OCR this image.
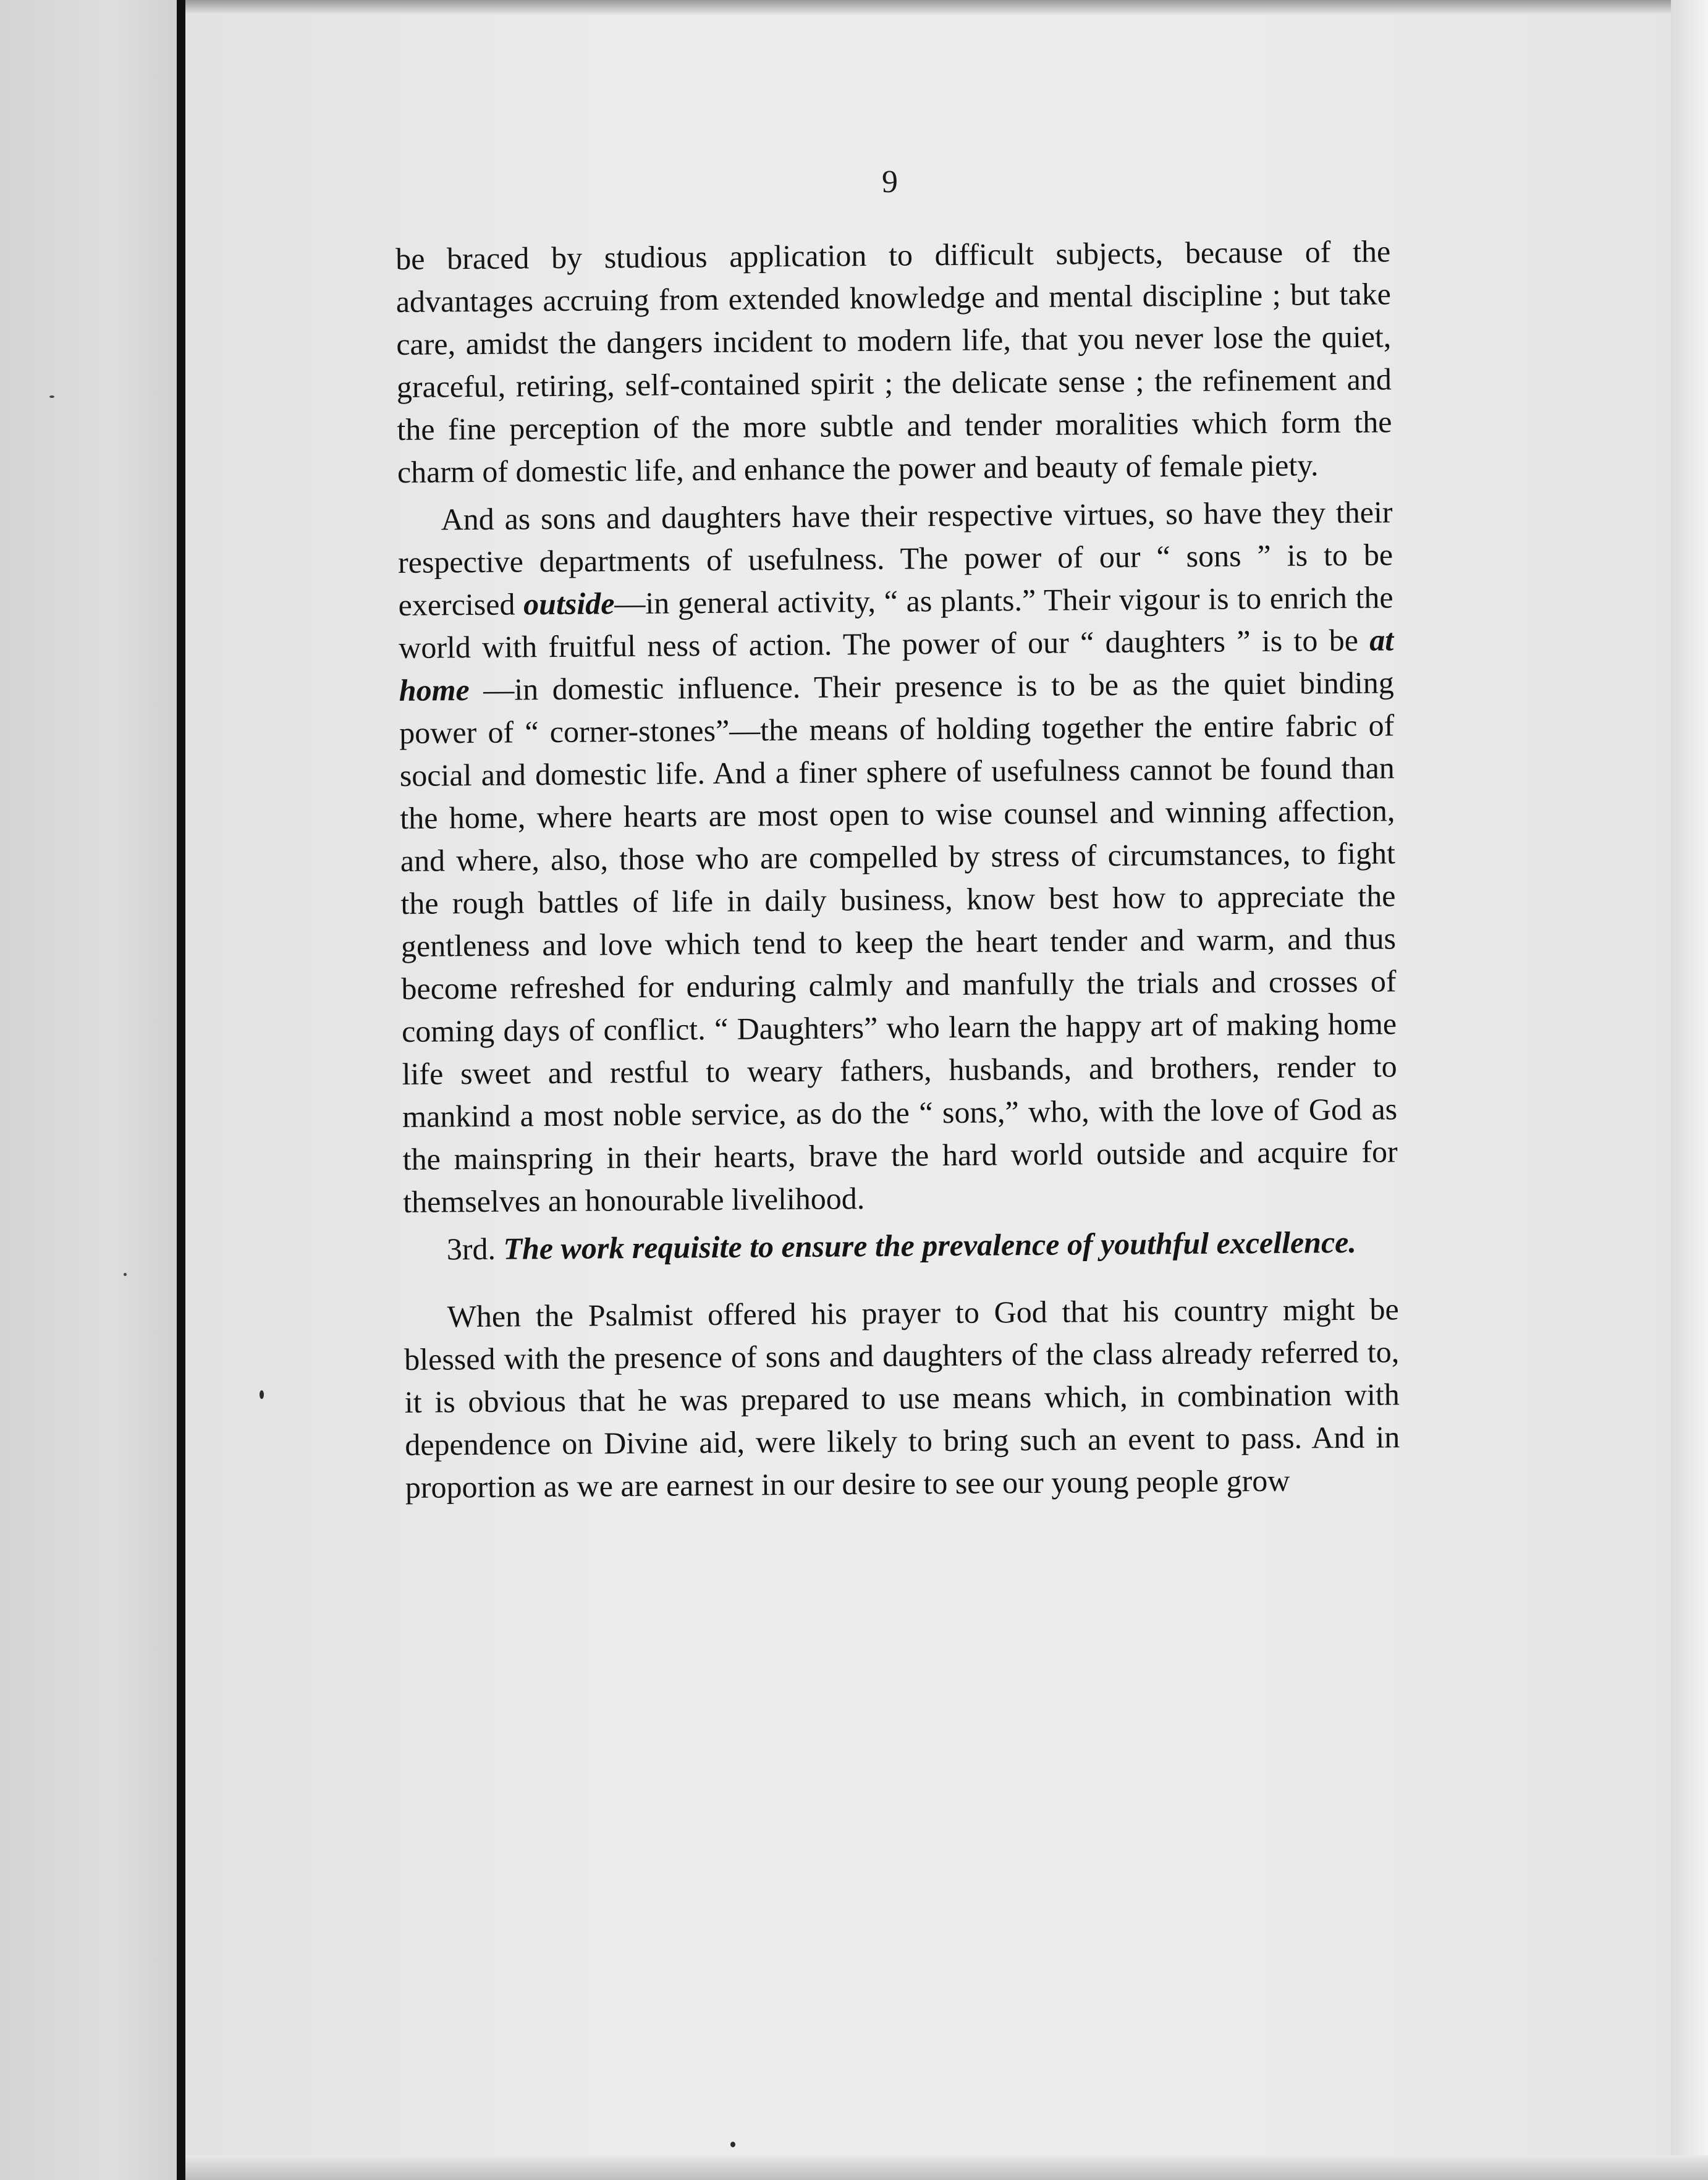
9

be braced by studious application to difficult subjects, because of the advantages accruing from extended knowledge and mental discipline ; but take care, amidst the dangers incident to modern life, that you never lose the quiet, graceful, retiring, self-contained spirit ; the delicate sense ; the refinement and the fine perception of the more subtle and tender moralities which form the charm of domestic life, and enhance the power and beauty of female piety.

And as sons and daughters have their respective virtues, so have they their respective departments of usefulness. The power of our “ sons ” is to be exercised outside—in general activity, “ as plants.” Their vigour is to enrich the world with fruitful ness of action. The power of our “ daughters ” is to be at home —in domestic influence. Their presence is to be as the quiet binding power of “ corner-stones”—the means of holding together the entire fabric of social and domestic life. And a finer sphere of usefulness cannot be found than the home, where hearts are most open to wise counsel and winning affection, and where, also, those who are compelled by stress of circumstances, to fight the rough battles of life in daily business, know best how to appreciate the gentleness and love which tend to keep the heart tender and warm, and thus become refreshed for enduring calmly and manfully the trials and crosses of coming days of conflict. “ Daughters” who learn the happy art of making home life sweet and restful to weary fathers, husbands, and brothers, render to mankind a most noble service, as do the “ sons,” who, with the love of God as the mainspring in their hearts, brave the hard world outside and acquire for themselves an honourable livelihood.

3rd. The work requisite to ensure the prevalence of youthful excellence.

When the Psalmist offered his prayer to God that his country might be blessed with the presence of sons and daughters of the class already referred to, it is obvious that he was prepared to use means which, in combination with dependence on Divine aid, were likely to bring such an event to pass. And in proportion as we are earnest in our desire to see our young people grow
